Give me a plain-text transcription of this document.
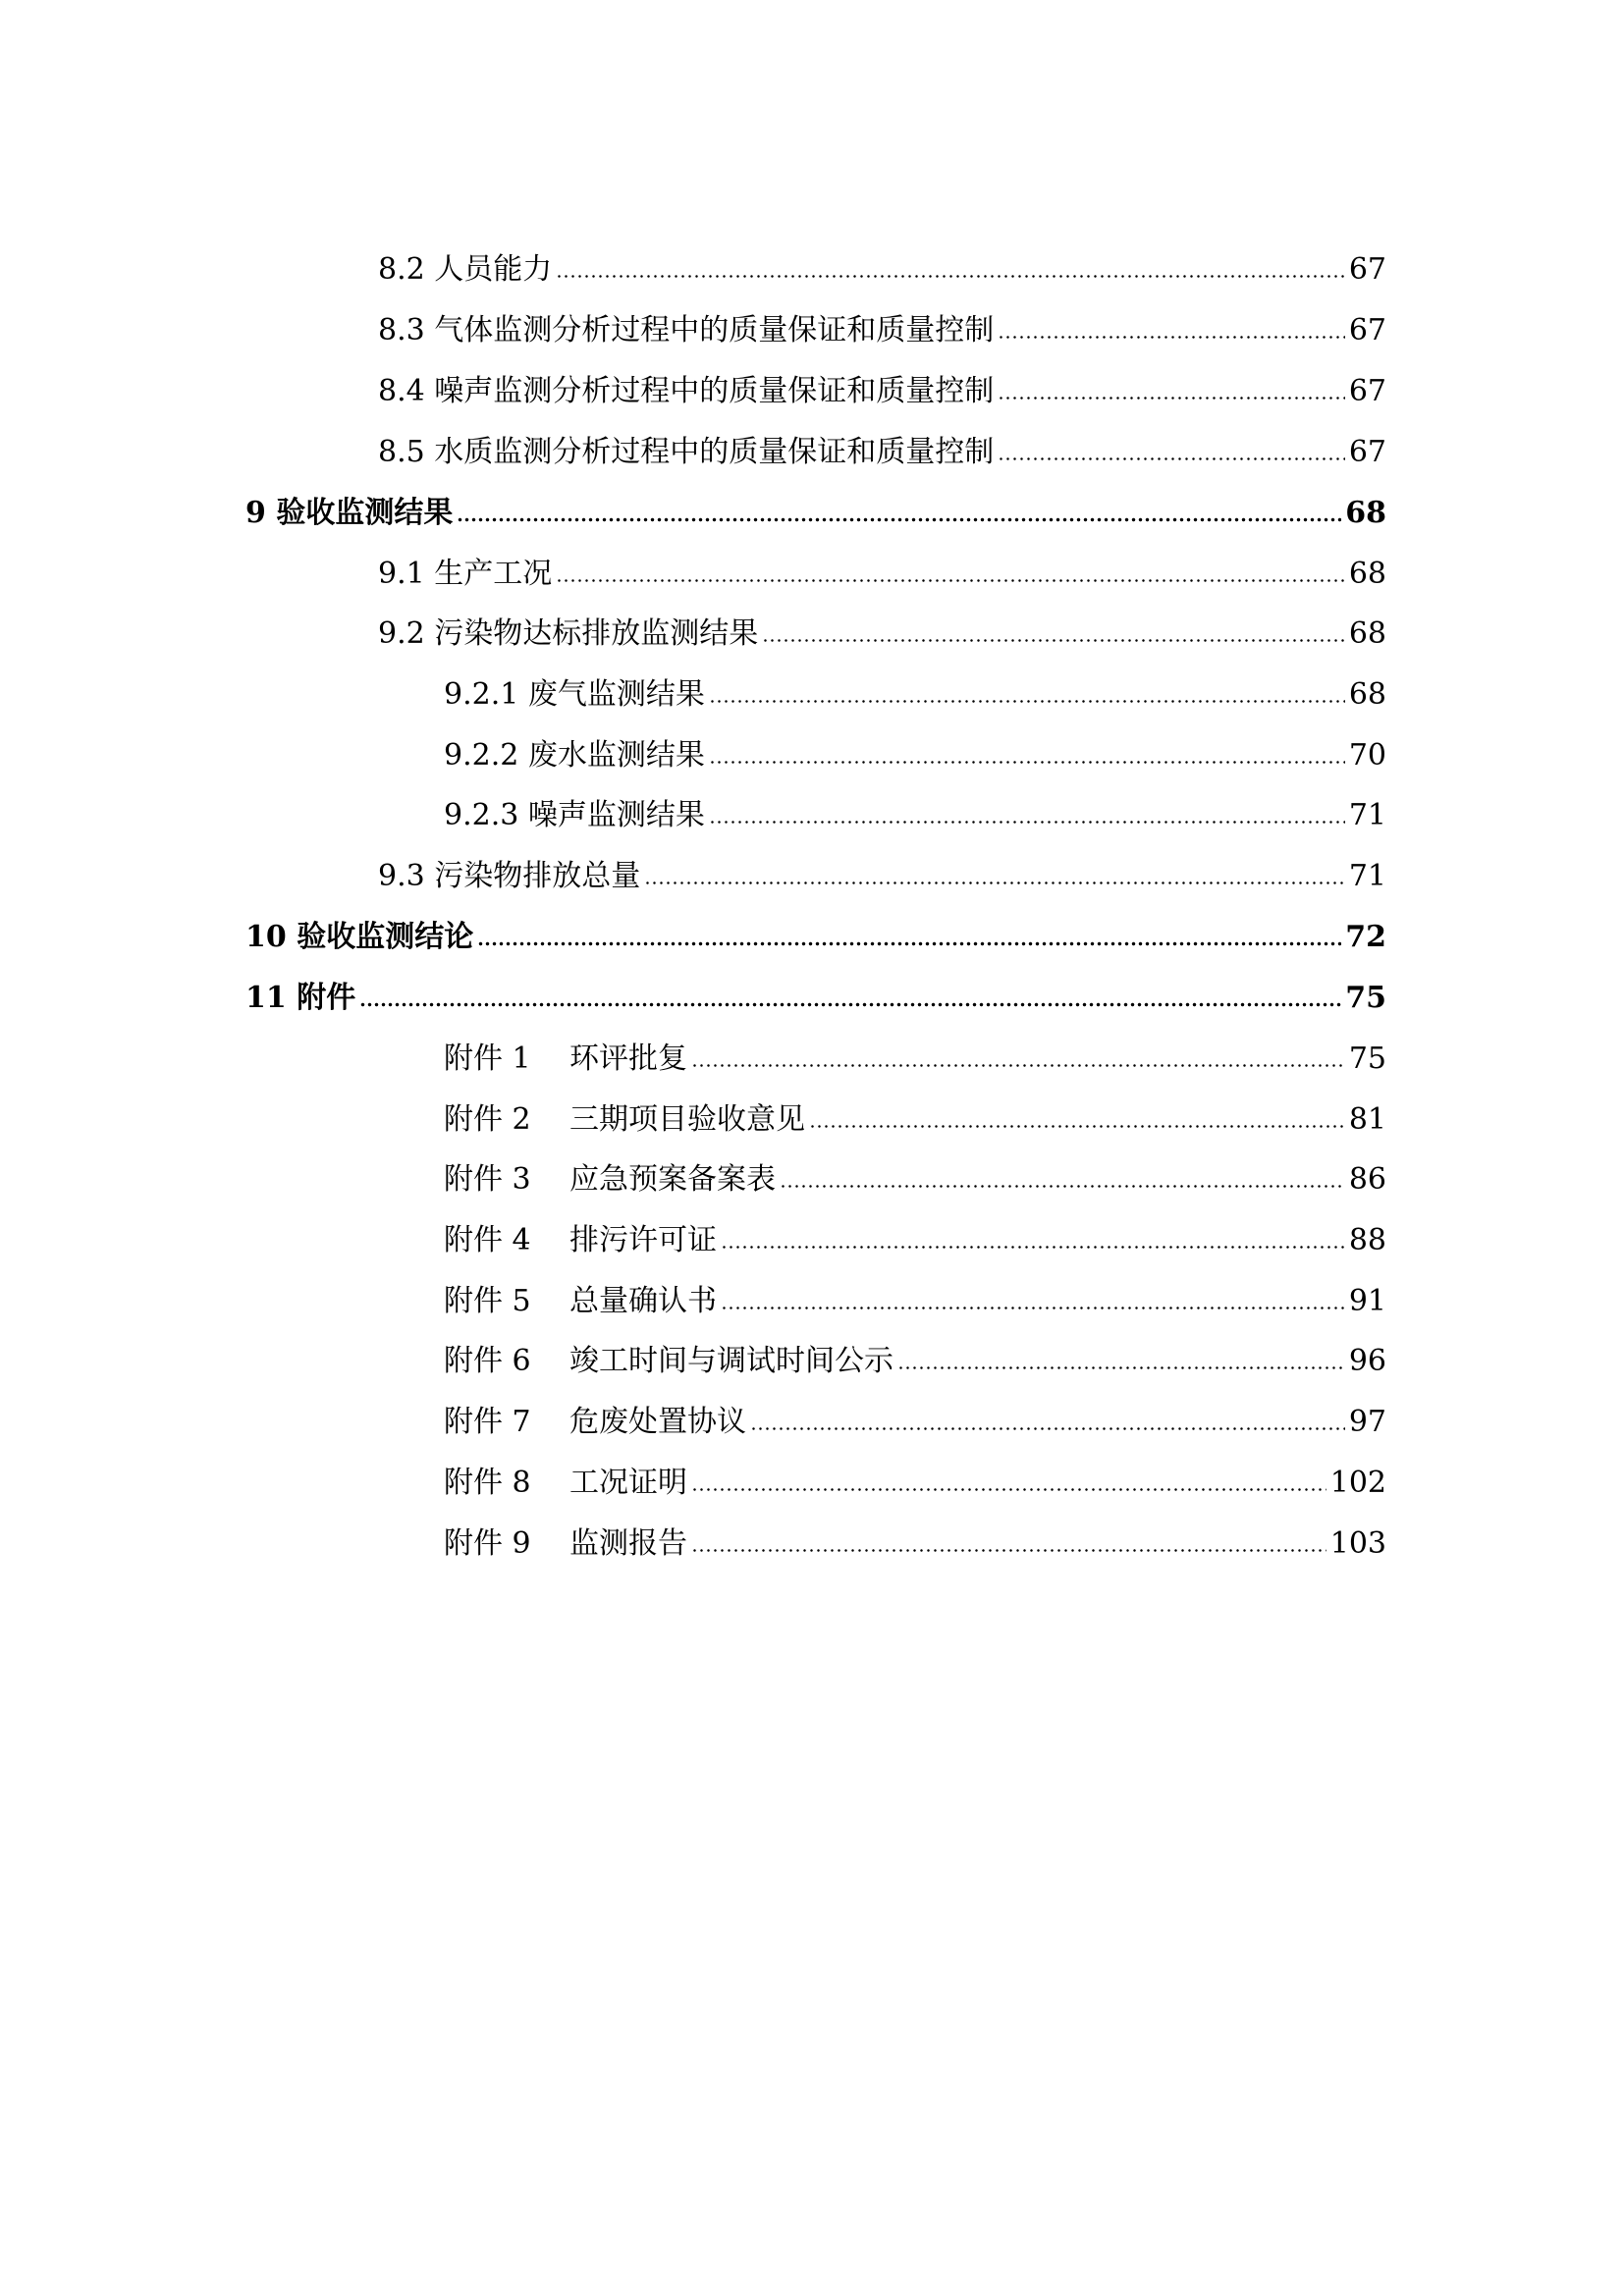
8.2 人员能力	67
8.3 气体监测分析过程中的质量保证和质量控制	67
8.4 噪声监测分析过程中的质量保证和质量控制	67
8.5 水质监测分析过程中的质量保证和质量控制	67
9 验收监测结果	68
9.1 生产工况	68
9.2 污染物达标排放监测结果	68
9.2.1 废气监测结果	68
9.2.2 废水监测结果	70
9.2.3 噪声监测结果	71
9.3 污染物排放总量	71
10 验收监测结论	72
11 附件	75
附件 1 环评批复	75
附件 2 三期项目验收意见	81
附件 3 应急预案备案表	86
附件 4 排污许可证	88
附件 5 总量确认书	91
附件 6 竣工时间与调试时间公示	96
附件 7 危废处置协议	97
附件 8 工况证明	102
附件 9 监测报告	103
